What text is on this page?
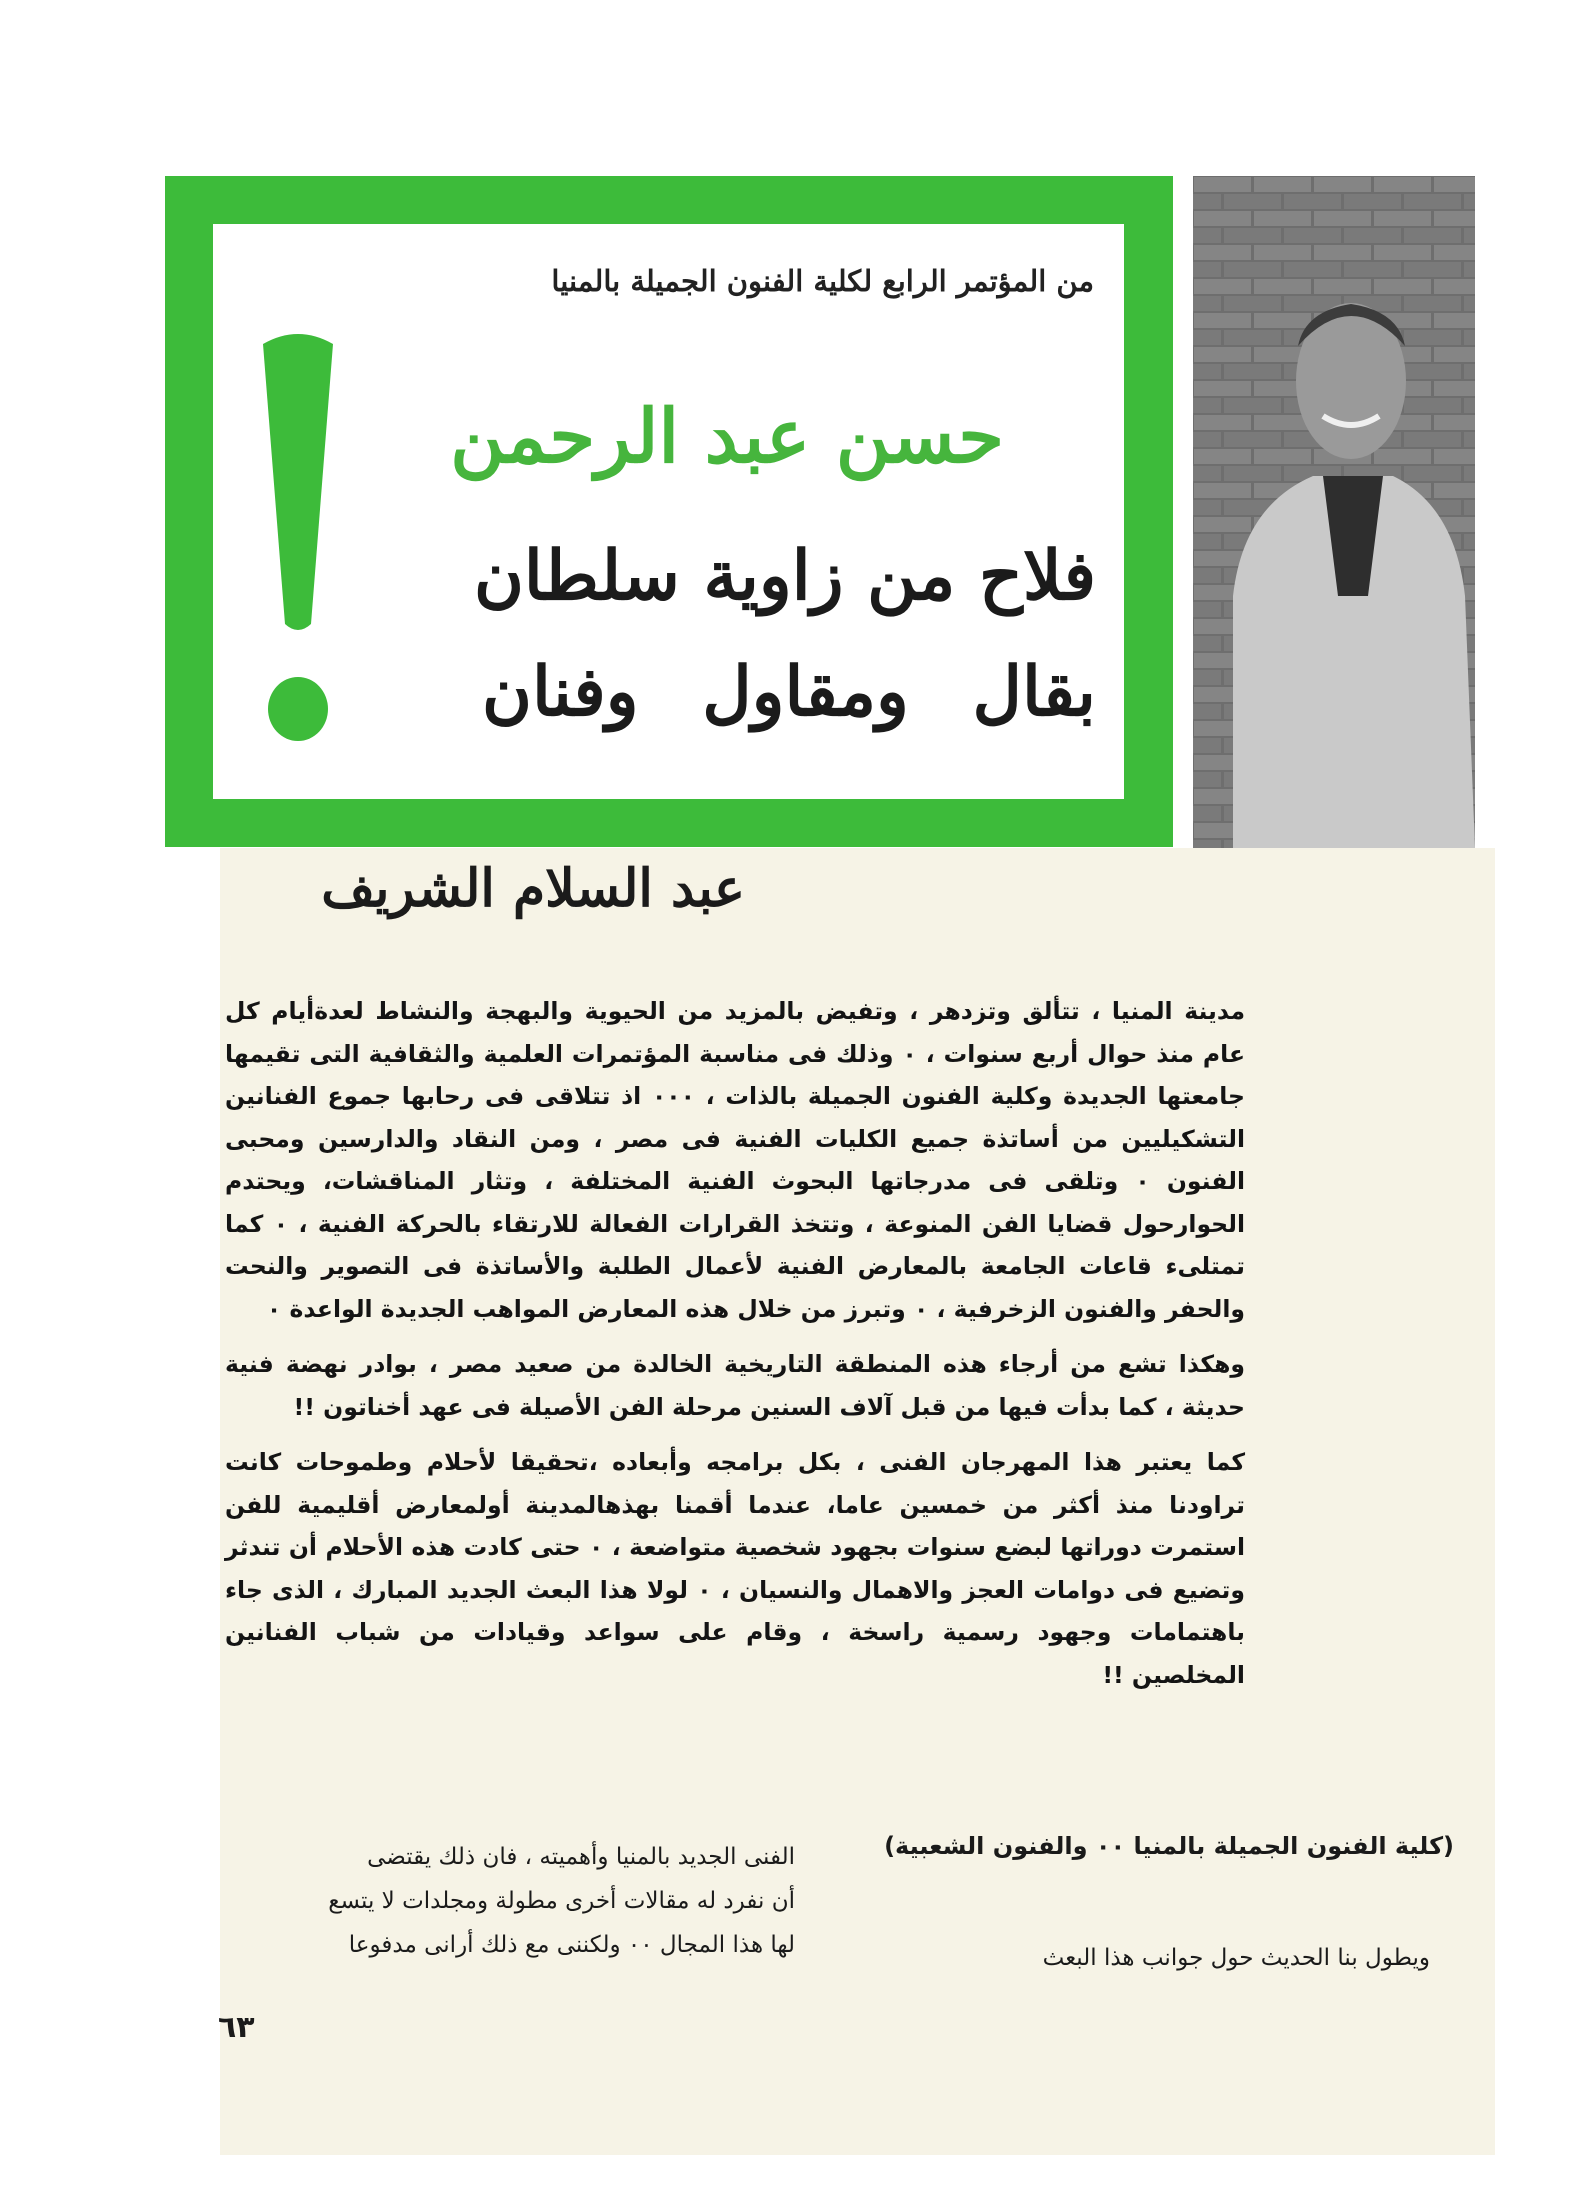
من المؤتمر الرابع لكلية الفنون الجميلة بالمنيا
حسن عبد الرحمن
فلاح من زاوية سلطان
بقال ومقاول وفنان
عبد السلام الشريف

مدينة المنيا ، تتألق وتزدهر ، وتفيض بالمزيد من الحيوية والبهجة والنشاط لعدةأيام كل عام منذ حوال أربع سنوات ، ٠ وذلك فى مناسبة المؤتمرات العلمية والثقافية التى تقيمها جامعتها الجديدة وكلية الفنون الجميلة بالذات ، ٠٠٠ اذ تتلاقى فى رحابها جموع الفنانين التشكيليين من أساتذة جميع الكليات الفنية فى مصر ، ومن النقاد والدارسين ومحبى الفنون ٠ وتلقى فى مدرجاتها البحوث الفنية المختلفة ، وتثار المناقشات، ويحتدم الحوارحول قضايا الفن المنوعة ، وتتخذ القرارات الفعالة للارتقاء بالحركة الفنية ، ٠ كما تمتلىء قاعات الجامعة بالمعارض الفنية لأعمال الطلبة والأساتذة فى التصوير والنحت والحفر والفنون الزخرفية ، ٠ وتبرز من خلال هذه المعارض المواهب الجديدة الواعدة ٠

وهكذا تشع من أرجاء هذه المنطقة التاريخية الخالدة من صعيد مصر ، بوادر نهضة فنية حديثة ، كما بدأت فيها من قبل آلاف السنين مرحلة الفن الأصيلة فى عهد أخناتون !!

كما يعتبر هذا المهرجان الفنى ، بكل برامجه وأبعاده ،تحقيقا لأحلام وطموحات كانت تراودنا منذ أكثر من خمسين عاما، عندما أقمنا بهذهالمدينة أولمعارض أقليمية للفن استمرت دوراتها لبضع سنوات بجهود شخصية متواضعة ، ٠ حتى كادت هذه الأحلام أن تندثر وتضيع فى دوامات العجز والاهمال والنسيان ، ٠ لولا هذا البعث الجديد المبارك ، الذى جاء باهتمامات وجهود رسمية راسخة ، وقام على سواعد وقيادات من شباب الفنانين المخلصين !!

(كلية الفنون الجميلة بالمنيا ٠٠ والفنون الشعبية)
ويطول بنا الحديث حول جوانب هذا البعث
الفنى الجديد بالمنيا وأهميته ، فان ذلك يقتضى
أن نفرد له مقالات أخرى مطولة ومجلدات لا يتسع
لها هذا المجال ٠٠ ولكننى مع ذلك أرانى مدفوعا
٦٣
